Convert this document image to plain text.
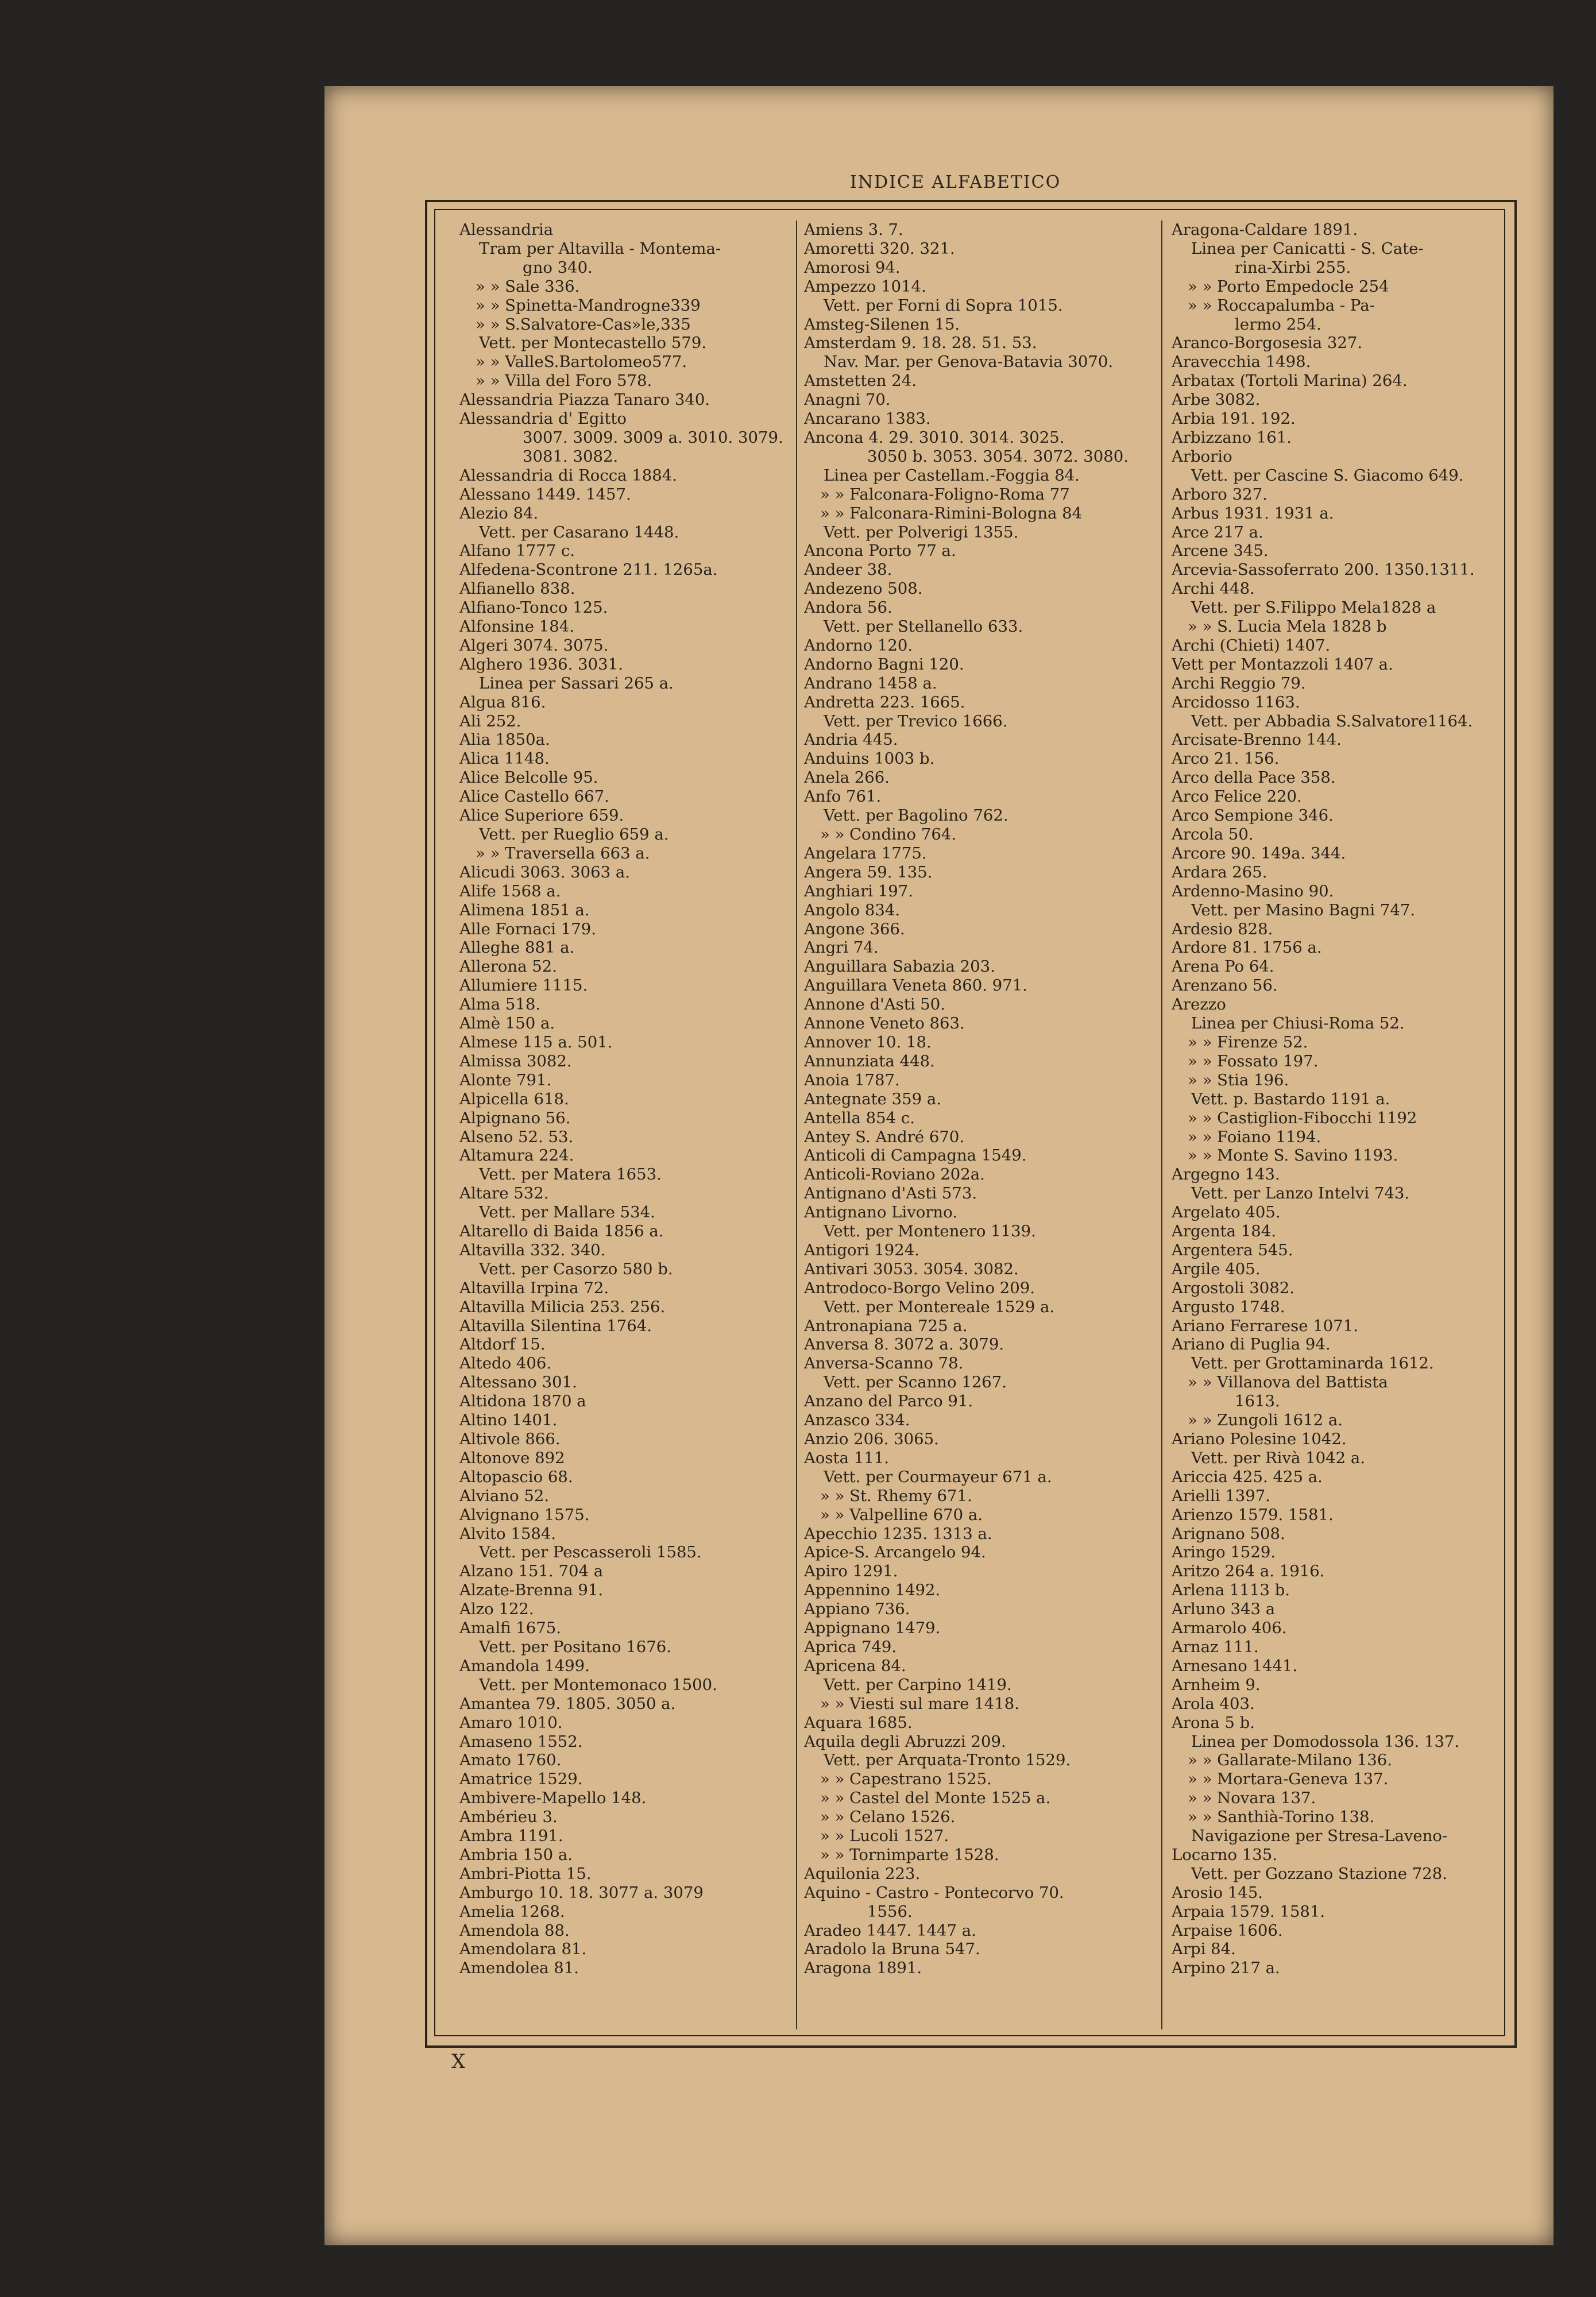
INDICE ALFABETICO
Alessandria
Tram per Altavilla - Montema-
gno 340.
» » Sale 336.
» » Spinetta-Mandrogne339
» » S.Salvatore-Cas»le,335
Vett. per Montecastello 579.
» » ValleS.Bartolomeo577.
» » Villa del Foro 578.
Alessandria Piazza Tanaro 340.
Alessandria d' Egitto
3007. 3009. 3009 a. 3010. 3079.
3081. 3082.
Alessandria di Rocca 1884.
Alessano 1449. 1457.
Alezio 84.
Vett. per Casarano 1448.
Alfano 1777 c.
Alfedena-Scontrone 211. 1265a.
Alfianello 838.
Alfiano-Tonco 125.
Alfonsine 184.
Algeri 3074. 3075.
Alghero 1936. 3031.
Linea per Sassari 265 a.
Algua 816.
Ali 252.
Alia 1850a.
Alica 1148.
Alice Belcolle 95.
Alice Castello 667.
Alice Superiore 659.
Vett. per Rueglio 659 a.
» » Traversella 663 a.
Alicudi 3063. 3063 a.
Alife 1568 a.
Alimena 1851 a.
Alle Fornaci 179.
Alleghe 881 a.
Allerona 52.
Allumiere 1115.
Alma 518.
Almè 150 a.
Almese 115 a. 501.
Almissa 3082.
Alonte 791.
Alpicella 618.
Alpignano 56.
Alseno 52. 53.
Altamura 224.
Vett. per Matera 1653.
Altare 532.
Vett. per Mallare 534.
Altarello di Baida 1856 a.
Altavilla 332. 340.
Vett. per Casorzo 580 b.
Altavilla Irpina 72.
Altavilla Milicia 253. 256.
Altavilla Silentina 1764.
Altdorf 15.
Altedo 406.
Altessano 301.
Altidona 1870 a
Altino 1401.
Altivole 866.
Altonove 892
Altopascio 68.
Alviano 52.
Alvignano 1575.
Alvito 1584.
Vett. per Pescasseroli 1585.
Alzano 151. 704 a
Alzate-Brenna 91.
Alzo 122.
Amalfi 1675.
Vett. per Positano 1676.
Amandola 1499.
Vett. per Montemonaco 1500.
Amantea 79. 1805. 3050 a.
Amaro 1010.
Amaseno 1552.
Amato 1760.
Amatrice 1529.
Ambivere-Mapello 148.
Ambérieu 3.
Ambra 1191.
Ambria 150 a.
Ambri-Piotta 15.
Amburgo 10. 18. 3077 a. 3079
Amelia 1268.
Amendola 88.
Amendolara 81.
Amendolea 81.
Amiens 3. 7.
Amoretti 320. 321.
Amorosi 94.
Ampezzo 1014.
Vett. per Forni di Sopra 1015.
Amsteg-Silenen 15.
Amsterdam 9. 18. 28. 51. 53.
Nav. Mar. per Genova-Batavia 3070.
Amstetten 24.
Anagni 70.
Ancarano 1383.
Ancona 4. 29. 3010. 3014. 3025.
3050 b. 3053. 3054. 3072. 3080.
Linea per Castellam.-Foggia 84.
» » Falconara-Foligno-Roma 77
» » Falconara-Rimini-Bologna 84
Vett. per Polverigi 1355.
Ancona Porto 77 a.
Andeer 38.
Andezeno 508.
Andora 56.
Vett. per Stellanello 633.
Andorno 120.
Andorno Bagni 120.
Andrano 1458 a.
Andretta 223. 1665.
Vett. per Trevico 1666.
Andria 445.
Anduins 1003 b.
Anela 266.
Anfo 761.
Vett. per Bagolino 762.
» » Condino 764.
Angelara 1775.
Angera 59. 135.
Anghiari 197.
Angolo 834.
Angone 366.
Angri 74.
Anguillara Sabazia 203.
Anguillara Veneta 860. 971.
Annone d'Asti 50.
Annone Veneto 863.
Annover 10. 18.
Annunziata 448.
Anoia 1787.
Antegnate 359 a.
Antella 854 c.
Antey S. André 670.
Anticoli di Campagna 1549.
Anticoli-Roviano 202a.
Antignano d'Asti 573.
Antignano Livorno.
Vett. per Montenero 1139.
Antigori 1924.
Antivari 3053. 3054. 3082.
Antrodoco-Borgo Velino 209.
Vett. per Montereale 1529 a.
Antronapiana 725 a.
Anversa 8. 3072 a. 3079.
Anversa-Scanno 78.
Vett. per Scanno 1267.
Anzano del Parco 91.
Anzasco 334.
Anzio 206. 3065.
Aosta 111.
Vett. per Courmayeur 671 a.
» » St. Rhemy 671.
» » Valpelline 670 a.
Apecchio 1235. 1313 a.
Apice-S. Arcangelo 94.
Apiro 1291.
Appennino 1492.
Appiano 736.
Appignano 1479.
Aprica 749.
Apricena 84.
Vett. per Carpino 1419.
» » Viesti sul mare 1418.
Aquara 1685.
Aquila degli Abruzzi 209.
Vett. per Arquata-Tronto 1529.
» » Capestrano 1525.
» » Castel del Monte 1525 a.
» » Celano 1526.
» » Lucoli 1527.
» » Tornimparte 1528.
Aquilonia 223.
Aquino - Castro - Pontecorvo 70.
1556.
Aradeo 1447. 1447 a.
Aradolo la Bruna 547.
Aragona 1891.
Aragona-Caldare 1891.
Linea per Canicatti - S. Cate-
rina-Xirbi 255.
» » Porto Empedocle 254
» » Roccapalumba - Pa-
lermo 254.
Aranco-Borgosesia 327.
Aravecchia 1498.
Arbatax (Tortoli Marina) 264.
Arbe 3082.
Arbia 191. 192.
Arbizzano 161.
Arborio
Vett. per Cascine S. Giacomo 649.
Arboro 327.
Arbus 1931. 1931 a.
Arce 217 a.
Arcene 345.
Arcevia-Sassoferrato 200. 1350.1311.
Archi 448.
Vett. per S.Filippo Mela1828 a
» » S. Lucia Mela 1828 b
Archi (Chieti) 1407.
Vett per Montazzoli 1407 a.
Archi Reggio 79.
Arcidosso 1163.
Vett. per Abbadia S.Salvatore1164.
Arcisate-Brenno 144.
Arco 21. 156.
Arco della Pace 358.
Arco Felice 220.
Arco Sempione 346.
Arcola 50.
Arcore 90. 149a. 344.
Ardara 265.
Ardenno-Masino 90.
Vett. per Masino Bagni 747.
Ardesio 828.
Ardore 81. 1756 a.
Arena Po 64.
Arenzano 56.
Arezzo
Linea per Chiusi-Roma 52.
» » Firenze 52.
» » Fossato 197.
» » Stia 196.
Vett. p. Bastardo 1191 a.
» » Castiglion-Fibocchi 1192
» » Foiano 1194.
» » Monte S. Savino 1193.
Argegno 143.
Vett. per Lanzo Intelvi 743.
Argelato 405.
Argenta 184.
Argentera 545.
Argile 405.
Argostoli 3082.
Argusto 1748.
Ariano Ferrarese 1071.
Ariano di Puglia 94.
Vett. per Grottaminarda 1612.
» » Villanova del Battista
1613.
» » Zungoli 1612 a.
Ariano Polesine 1042.
Vett. per Rivà 1042 a.
Ariccia 425. 425 a.
Arielli 1397.
Arienzo 1579. 1581.
Arignano 508.
Aringo 1529.
Aritzo 264 a. 1916.
Arlena 1113 b.
Arluno 343 a
Armarolo 406.
Arnaz 111.
Arnesano 1441.
Arnheim 9.
Arola 403.
Arona 5 b.
Linea per Domodossola 136. 137.
» » Gallarate-Milano 136.
» » Mortara-Geneva 137.
» » Novara 137.
» » Santhià-Torino 138.
Navigazione per Stresa-Laveno-
Locarno 135.
Vett. per Gozzano Stazione 728.
Arosio 145.
Arpaia 1579. 1581.
Arpaise 1606.
Arpi 84.
Arpino 217 a.
X
